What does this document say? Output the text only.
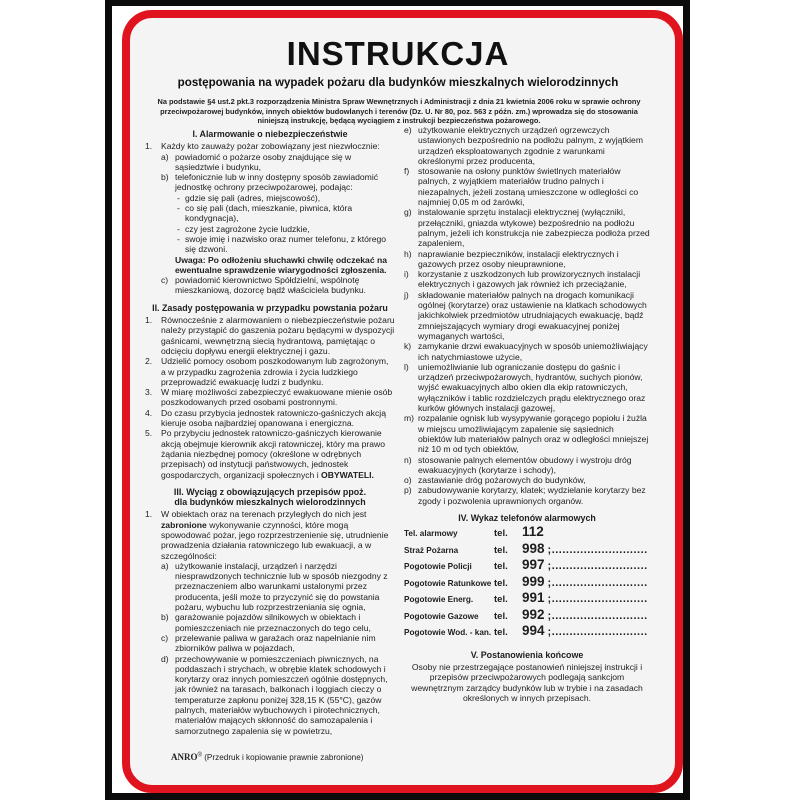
INSTRUKCJA
postępowania na wypadek pożaru dla budynków mieszkalnych wielorodzinnych
Na podstawie §4 ust.2 pkt.3 rozporządzenia Ministra Spraw Wewnętrznych i Administracji z dnia 21 kwietnia 2006 roku w sprawie ochrony przeciwpożarowej budynków, innych obiektów budowlanych i terenów (Dz. U. Nr 80, poz. 563 z późn. zm.) wprowadza się do stosowania niniejszą instrukcję, będącą wyciągiem z instrukcji bezpieczeństwa pożarowego.
I. Alarmowanie o niebezpieczeństwie
1. Każdy kto zauważy pożar zobowiązany jest niezwłocznie:
a) powiadomić o pożarze osoby znajdujące się w sąsiedztwie i budynku,
b) telefonicznie lub w inny dostępny sposób zawiadomić jednostkę ochrony przeciwpożarowej, podając:
- gdzie się pali (adres, miejscowość),
- co się pali (dach, mieszkanie, piwnica, która kondygnacja),
- czy jest zagrożone życie ludzkie,
- swoje imię i nazwisko oraz numer telefonu, z którego się dzwoni.
Uwaga: Po odłożeniu słuchawki chwilę odczekać na ewentualne sprawdzenie wiarygodności zgłoszenia.
c) powiadomić kierownictwo Spółdzielni, wspólnotę mieszkaniową, dozorcę bądź właściciela budynku.
II. Zasady postępowania w przypadku powstania pożaru
1. Równocześnie z alarmowaniem o niebezpieczeństwie pożaru należy przystąpić do gaszenia pożaru będącymi w dyspozycji gaśnicami, wewnętrzną siecią hydrantową, pamiętając o odcięciu dopływu energii elektrycznej i gazu.
2. Udzielić pomocy osobom poszkodowanym lub zagrożonym, a w przypadku zagrożenia zdrowia i życia ludzkiego przeprowadzić ewakuację ludzi z budynku.
3. W miarę możliwości zabezpieczyć ewakuowane mienie osób poszkodowanych przed osobami postronnymi.
4. Do czasu przybycia jednostek ratowniczo-gaśniczych akcją kieruje osoba najbardziej opanowana i energiczna.
5. Po przybyciu jednostek ratowniczo-gaśniczych kierowanie akcją obejmuje kierownik akcji ratowniczej, który ma prawo żądania niezbędnej pomocy (określone w odrębnych przepisach) od instytucji państwowych, jednostek gospodarczych, organizacji społecznych i OBYWATELI.
III. Wyciąg z obowiązujących przepisów ppoż.
dla budynków mieszkalnych wielorodzinnych
1. W obiektach oraz na terenach przyległych do nich jest zabronione wykonywanie czynności, które mogą spowodować pożar, jego rozprzestrzenienie się, utrudnienie prowadzenia działania ratowniczego lub ewakuacji, a w szczególności:
a) użytkowanie instalacji, urządzeń i narzędzi niesprawdzonych technicznie lub w sposób niezgodny z przeznaczeniem albo warunkami ustalonymi przez producenta, jeśli może to przyczynić się do powstania pożaru, wybuchu lub rozprzestrzeniania się ognia,
b) garażowanie pojazdów silnikowych w obiektach i pomieszczeniach nie przeznaczonych do tego celu,
c) przelewanie paliwa w garażach oraz napełnianie nim zbiorników paliwa w pojazdach,
d) przechowywanie w pomieszczeniach piwnicznych, na poddaszach i strychach, w obrębie klatek schodowych i korytarzy oraz innych pomieszczeń ogólnie dostępnych, jak również na tarasach, balkonach i loggiach cieczy o temperaturze zapłonu poniżej 328,15 K (55°C), gazów palnych, materiałów wybuchowych i pirotechnicznych, materiałów mających skłonność do samozapalenia i samorzutnego zapalenia się w powietrzu,
e) użytkowanie elektrycznych urządzeń ogrzewczych ustawionych bezpośrednio na podłożu palnym, z wyjątkiem urządzeń eksploatowanych zgodnie z warunkami określonymi przez producenta,
f) stosowanie na osłony punktów świetlnych materiałów palnych, z wyjątkiem materiałów trudno palnych i niezapalnych, jeżeli zostaną umieszczone w odległości co najmniej 0,05 m od żarówki,
g) instalowanie sprzętu instalacji elektrycznej (wyłączniki, przełączniki, gniazda wtykowe) bezpośrednio na podłożu palnym, jeżeli ich konstrukcja nie zabezpiecza podłoża przed zapaleniem,
h) naprawianie bezpieczników, instalacji elektrycznych i gazowych przez osoby nieuprawnione,
i) korzystanie z uszkodzonych lub prowizorycznych instalacji elektrycznych i gazowych jak również ich przeciążanie,
j) składowanie materiałów palnych na drogach komunikacji ogólnej (korytarze) oraz ustawienie na klatkach schodowych jakichkolwiek przedmiotów utrudniających ewakuację, bądź zmniejszających wymiary drogi ewakuacyjnej poniżej wymaganych wartości,
k) zamykanie drzwi ewakuacyjnych w sposób uniemożliwiający ich natychmiastowe użycie,
l) uniemożliwianie lub ograniczanie dostępu do gaśnic i urządzeń przeciwpożarowych, hydrantów, suchych pionów, wyjść ewakuacyjnych albo okien dla ekip ratowniczych, wyłączników i tablic rozdzielczych prądu elektrycznego oraz kurków głównych instalacji gazowej,
m) rozpalanie ognisk lub wysypywanie gorącego popiołu i żużla w miejscu umożliwiającym zapalenie się sąsiednich obiektów lub materiałów palnych oraz w odległości mniejszej niż 10 m od tych obiektów,
n) stosowanie palnych elementów obudowy i wystroju dróg ewakuacyjnych (korytarze i schody),
o) zastawianie dróg pożarowych do budynków,
p) zabudowywanie korytarzy, klatek; wydzielanie korytarzy bez zgody i pozwolenia uprawnionych organów.
IV. Wykaz telefonów alarmowych
Tel. alarmowy	tel.	112
Straż Pożarna	tel.	998 ;...........................
Pogotowie Policji	tel.	997 ;...........................
Pogotowie Ratunkowe tel.	999 ;...........................
Pogotowie Energ.	tel.	991 ;...........................
Pogotowie Gazowe	tel.	992 ;...........................
Pogotowie Wod. - kan. tel.	994 ;...........................
V. Postanowienia końcowe
Osoby nie przestrzegające postanowień niniejszej instrukcji i przepisów przeciwpożarowych podlegają sankcjom wewnętrznym zarządcy budynków lub w trybie i na zasadach określonych w innych przepisach.
ANRO® (Przedruk i kopiowanie prawnie zabronione)
